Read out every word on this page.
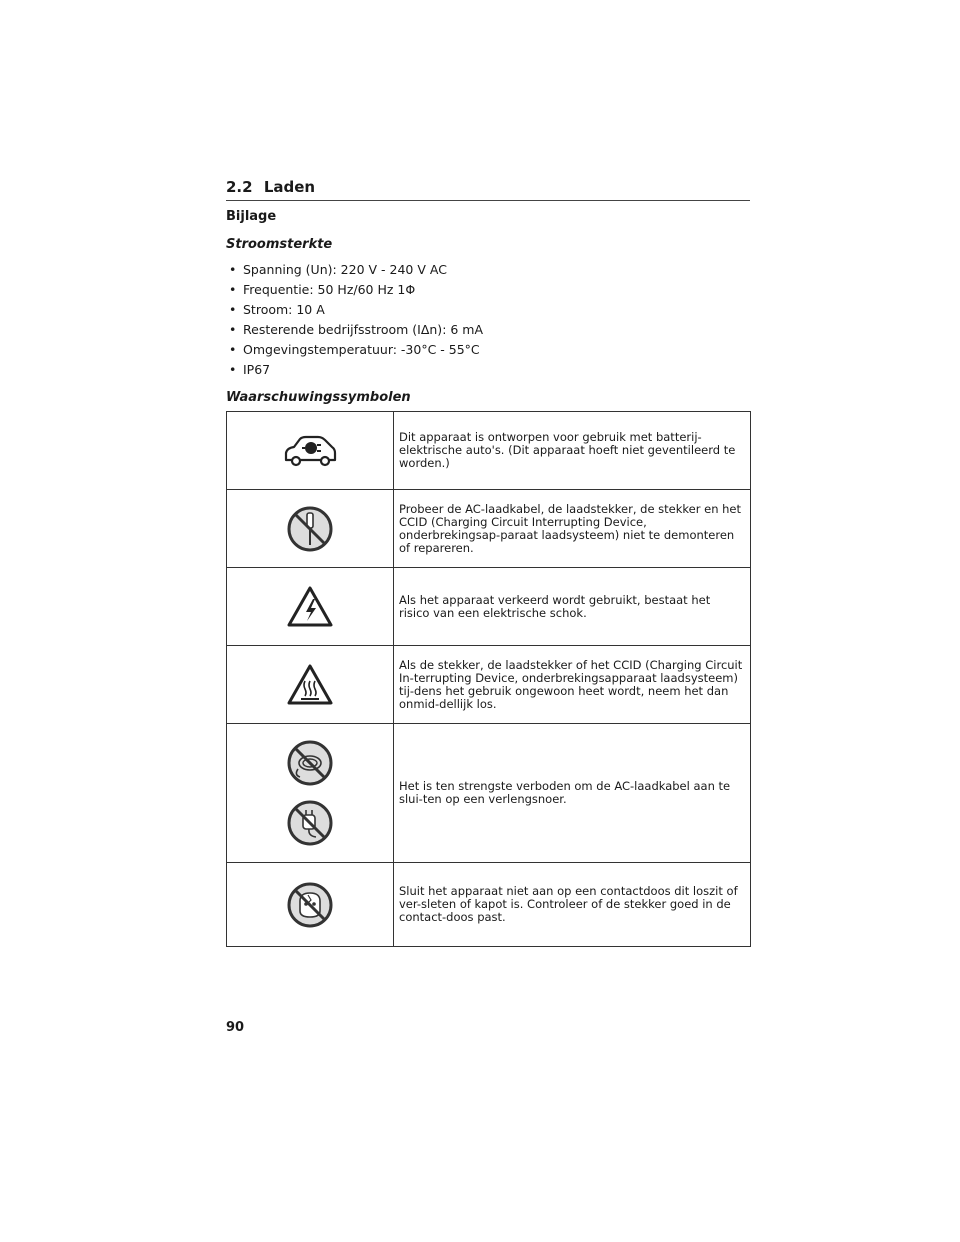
2.2 Laden
Bijlage
Stroomsterkte
• Spanning (Un): 220 V - 240 V AC
• Frequentie: 50 Hz/60 Hz 1Φ
• Stroom: 10 A
• Resterende bedrijfsstroom (IΔn): 6 mA
• Omgevingstemperatuur: -30°C - 55°C
• IP67
Waarschuwingssymbolen
	Dit apparaat is ontworpen voor gebruik met batterij-elektrische auto's. (Dit apparaat hoeft niet geventileerd te worden.)

	Probeer de AC-laadkabel, de laadstekker, de stekker en het CCID (Charging Circuit Interrupting Device, onderbrekingsap-paraat laadsysteem) niet te demonteren of repareren.

	Als het apparaat verkeerd wordt gebruikt, bestaat het risico van een elektrische schok.

	Als de stekker, de laadstekker of het CCID (Charging Circuit In-terrupting Device, onderbrekingsapparaat laadsysteem) tij-dens het gebruik ongewoon heet wordt, neem het dan onmid-dellijk los.

	Het is ten strengste verboden om de AC-laadkabel aan te slui-ten op een verlengsnoer.

	Sluit het apparaat niet aan op een contactdoos dit loszit of ver-sleten of kapot is. Controleer of de stekker goed in de contact-doos past.
90
